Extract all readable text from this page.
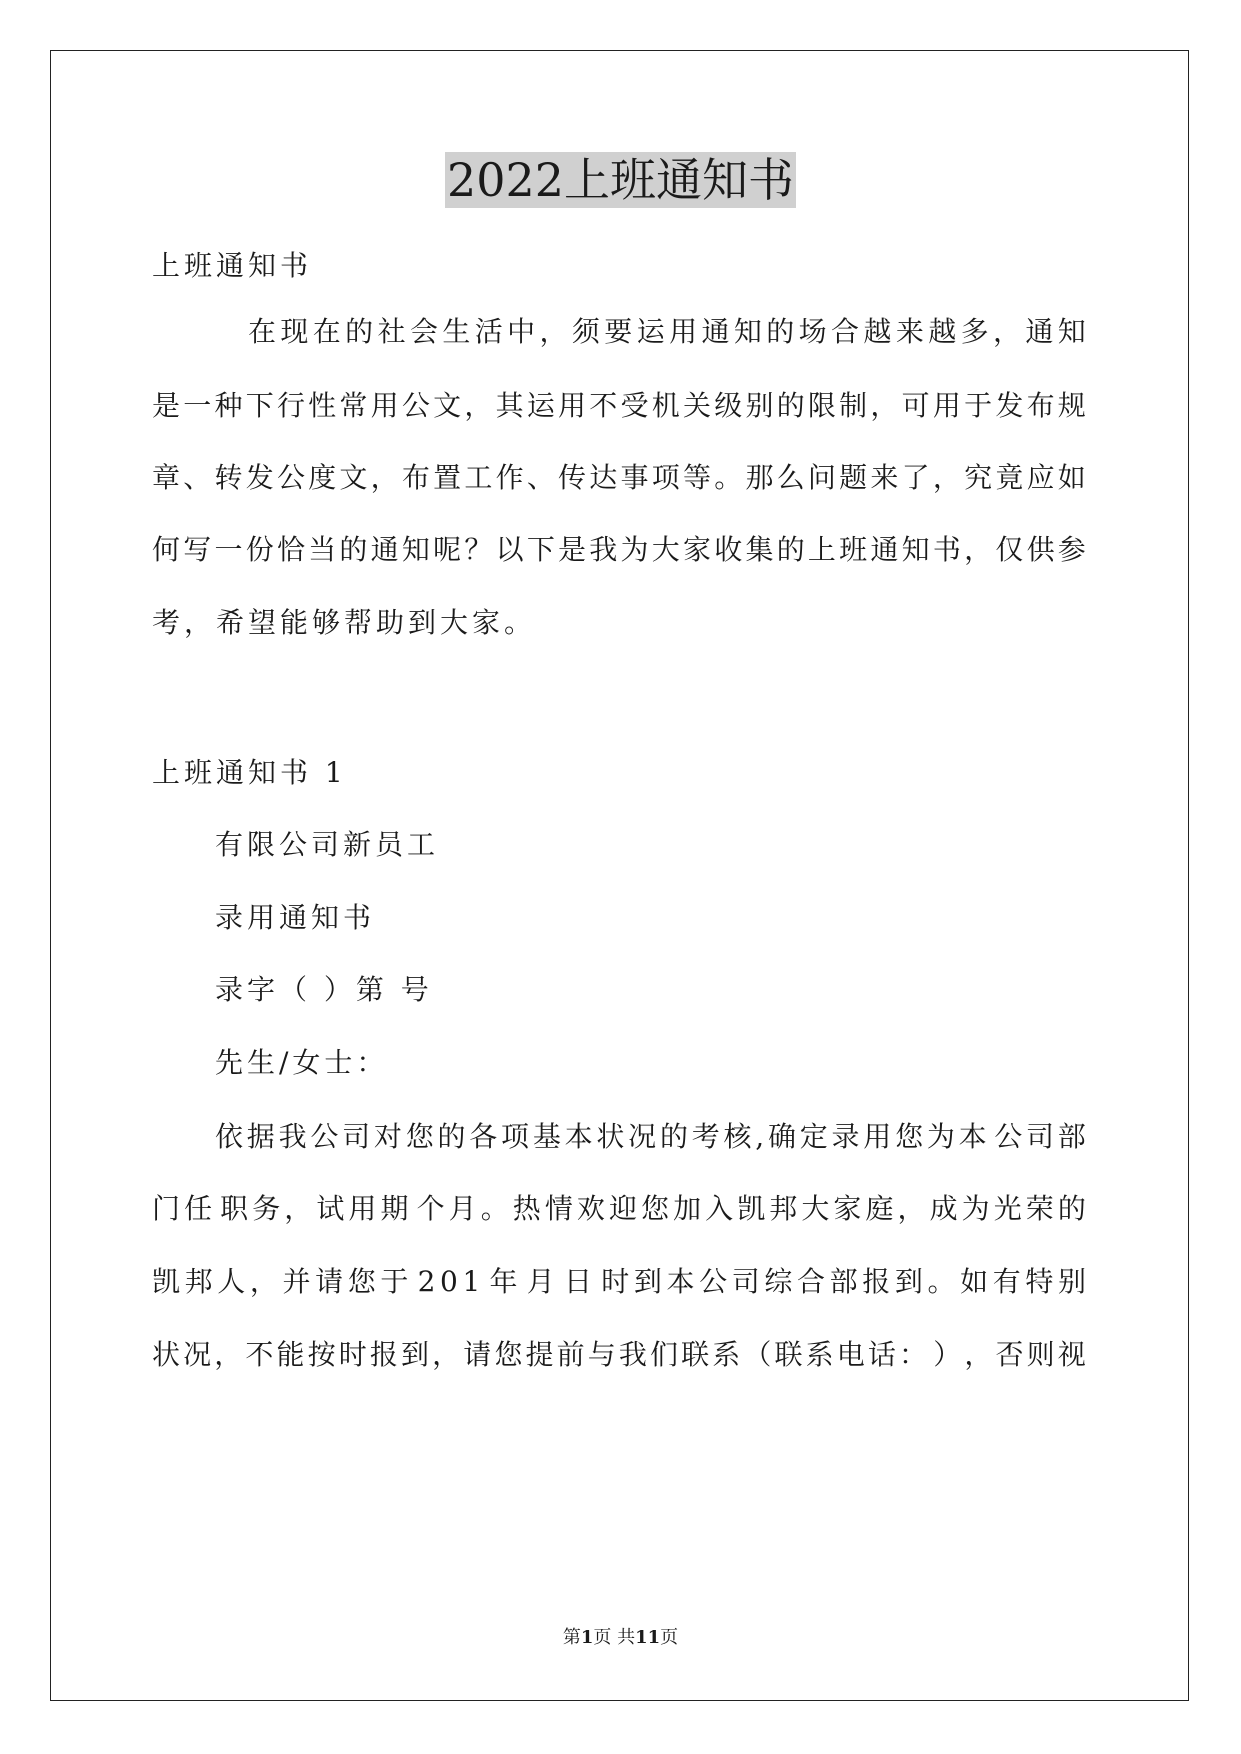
2022上班通知书
上班通知书
在 现 在 的 社 会 生 活 中 ， 须 要 运 用 通 知 的 场 合 越 来 越 多 ， 通 知
是 一 种 下 行 性 常 用 公 文 ， 其 运 用 不 受 机 关 级 别 的 限 制 ， 可 用 于 发 布 规
章 、 转 发 公 度 文 ， 布 置 工 作 、 传 达 事 项 等 。 那 么 问 题 来 了 ， 究 竟 应 如
何 写 一 份 恰 当 的 通 知 呢 ？ 以 下 是 我 为 大 家 收 集 的 上 班 通 知 书 ， 仅 供 参
考，希望能够帮助到大家。
上班通知书 1
有限公司新员工
录用通知书
录字（ ）第 号
先生/女士：
依 据 我 公 司 对 您 的 各 项 基 本 状 况 的 考 核 , 确 定 录 用 您 为 本 公 司 部
门 任 职 务 ， 试 用 期 个 月 。 热 情 欢 迎 您 加 入 凯 邦 大 家 庭 ， 成 为 光 荣 的
凯 邦 人 ， 并 请 您 于 2 0 1 年 月 日 时 到 本 公 司 综 合 部 报 到 。 如 有 特 别
状 况 ， 不 能 按 时 报 到 ， 请 您 提 前 与 我 们 联 系 （ 联 系 电 话 ： ） ， 否 则 视
第1页 共11页
